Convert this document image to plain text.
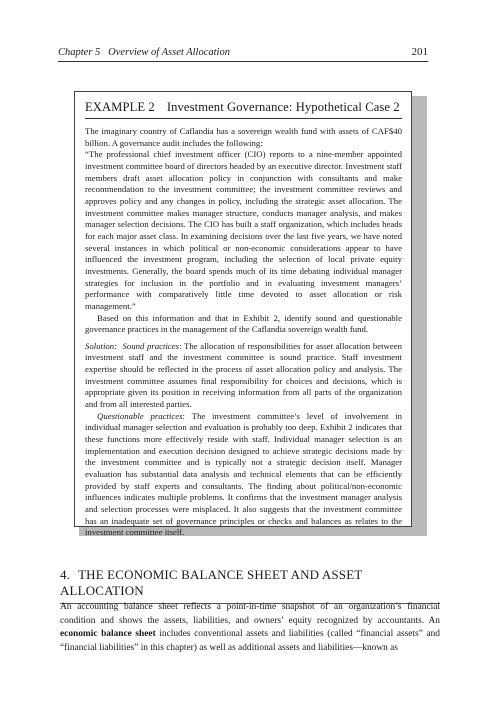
Chapter 5 Overview of Asset Allocation	201
EXAMPLE 2 Investment Governance: Hypothetical Case 2

The imaginary country of Caflandia has a sovereign wealth fund with assets of CAF$40 billion. A governance audit includes the following:

“The professional chief investment officer (CIO) reports to a nine-member appointed investment committee board of directors headed by an executive director. Investment staff members draft asset allocation policy in conjunction with consultants and make recommendation to the investment committee; the investment committee reviews and approves policy and any changes in policy, including the strategic asset allocation. The investment committee makes manager structure, conducts manager analysis, and makes manager selection decisions. The CIO has built a staff organization, which includes heads for each major asset class. In examining decisions over the last five years, we have noted several instances in which political or non-economic considerations appear to have influenced the investment program, including the selection of local private equity investments. Generally, the board spends much of its time debating individual manager strategies for inclusion in the portfolio and in evaluating investment managers’ performance with comparatively little time devoted to asset allocation or risk management.”

Based on this information and that in Exhibit 2, identify sound and questionable governance practices in the management of the Caflandia sovereign wealth fund.

Solution: Sound practices: The allocation of responsibilities for asset allocation between investment staff and the investment committee is sound practice. Staff investment expertise should be reflected in the process of asset allocation policy and analysis. The investment committee assumes final responsibility for choices and decisions, which is appropriate given its position in receiving information from all parts of the organization and from all interested parties.

Questionable practices: The investment committee’s level of involvement in individual manager selection and evaluation is probably too deep. Exhibit 2 indicates that these functions more effectively reside with staff. Individual manager selection is an implementation and execution decision designed to achieve strategic decisions made by the investment committee and is typically not a strategic decision itself. Manager evaluation has substantial data analysis and technical elements that can be efficiently provided by staff experts and consultants. The finding about political/non-economic influences indicates multiple problems. It confirms that the investment manager analysis and selection processes were misplaced. It also suggests that the investment committee has an inadequate set of governance principles or checks and balances as relates to the investment committee itself.

4. THE ECONOMIC BALANCE SHEET AND ASSET ALLOCATION

An accounting balance sheet reflects a point-in-time snapshot of an organization’s financial condition and shows the assets, liabilities, and owners’ equity recognized by accountants. An economic balance sheet includes conventional assets and liabilities (called “financial assets” and “financial liabilities” in this chapter) as well as additional assets and liabilities—known as
